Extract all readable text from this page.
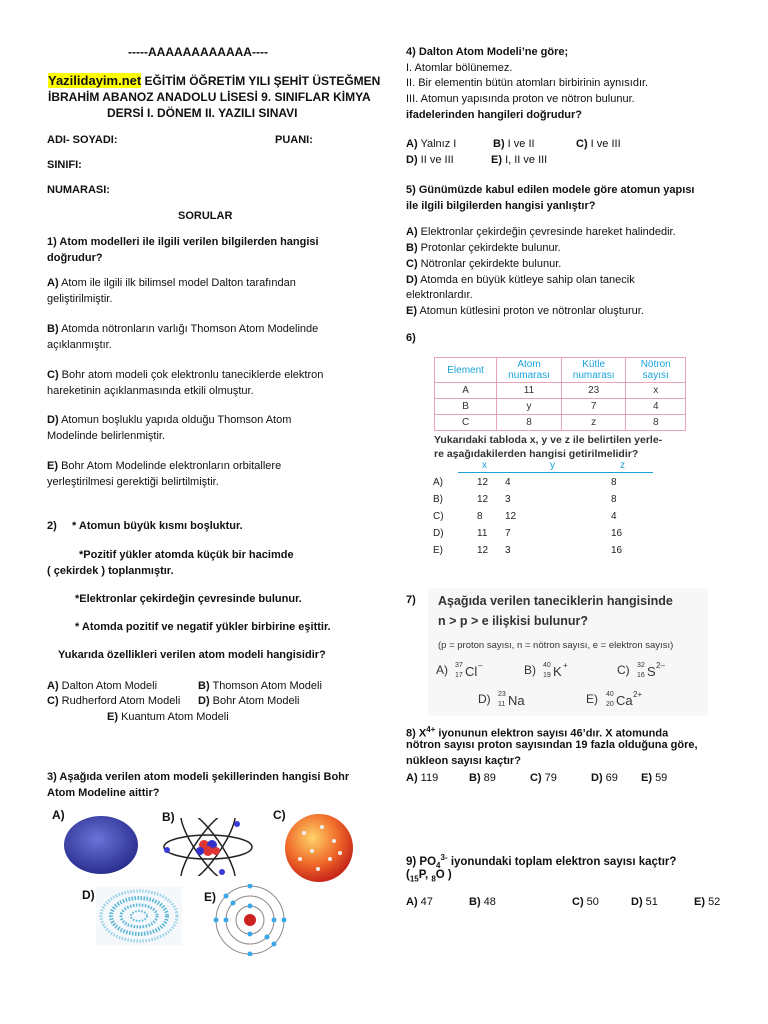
-----AAAAAAAAAAAA----
Yazilidayim.net EĞİTİM ÖĞRETİM YILI ŞEHİT ÜSTEĞMEN
İBRAHİM ABANOZ ANADOLU LİSESİ 9. SINIFLAR KİMYA
DERSİ I. DÖNEM II. YAZILI SINAVI
ADI- SOYADI:	PUANI:
SINIFI:
NUMARASI:
SORULAR
1) Atom modelleri ile ilgili verilen bilgilerden hangisi
doğrudur?
A) Atom ile ilgili ilk bilimsel model Dalton tarafından
geliştirilmiştir.
B) Atomda nötronların varlığı Thomson Atom Modelinde
açıklanmıştır.
C) Bohr atom modeli çok elektronlu taneciklerde elektron
hareketinin açıklanmasında etkili olmuştur.
D) Atomun boşluklu yapıda olduğu Thomson Atom
Modelinde belirlenmiştir.
E) Bohr Atom Modelinde elektronların orbitallere
yerleştirilmesi gerektiği belirtilmiştir.
2) * Atomun büyük kısmı boşluktur.
*Pozitif yükler atomda küçük bir hacimde
( çekirdek ) toplanmıştır.
*Elektronlar çekirdeğin çevresinde bulunur.
* Atomda pozitif ve negatif yükler birbirine eşittir.
Yukarıda özellikleri verilen atom modeli hangisidir?
A) Dalton Atom Modeli	B) Thomson Atom Modeli
C) Rudherford Atom Modeli D) Bohr Atom Modeli
E) Kuantum Atom Modeli
3) Aşağıda verilen atom modeli şekillerinden hangisi Bohr
Atom Modeline aittir?
A)	B)	C)
D)	E)
4) Dalton Atom Modeli’ne göre;
I. Atomlar bölünemez.
II. Bir elementin bütün atomları birbirinin aynısıdır.
III. Atomun yapısında proton ve nötron bulunur.
ifadelerinden hangileri doğrudur?
A) Yalnız I	B) I ve II	C) I ve III
D) II ve III	E) I, II ve III
5) Günümüzde kabul edilen modele göre atomun yapısı
ile ilgili bilgilerden hangisi yanlıştır?
A) Elektronlar çekirdeğin çevresinde hareket halindedir.
B) Protonlar çekirdekte bulunur.
C) Nötronlar çekirdekte bulunur.
D) Atomda en büyük kütleye sahip olan tanecik
elektronlardır.
E) Atomun kütlesini proton ve nötronlar oluşturur.
6)
Element	Atom numarası	Kütle numarası	Nötron sayısı
A	11	23	x
B	y	7	4
C	8	z	8
Yukarıdaki tabloda x, y ve z ile belirtilen yerle-
re aşağıdakilerden hangisi getirilmelidir?
x	y	z
A)	12	4	8
B)	12	3	8
C)	8	12	4
D)	11	7	16
E)	12	3	16
7) Aşağıda verilen taneciklerin hangisinde
n > p > e ilişkisi bulunur?
(p = proton sayısı, n = nötron sayısı, e = elektron sayısı)
A) 37
17 Cl –	B) 40
19 K +	C) 32
16 S 2–
D) 23
11 Na	E) 40
20 Ca 2+
8) $X^{4+}$ iyonunun elektron sayısı 46’dır. X atomunda
nötron sayısı proton sayısından 19 fazla olduğuna göre,
nükleon sayısı kaçtır?
A) 119	B) 89	C) 79	D) 69 E) 59
9) $PO_4^{3-}$ iyonundaki toplam elektron sayısı kaçtır?
($_{15}P$, $_8$O )
A) 47	B) 48	C) 50	D) 51	E) 52
